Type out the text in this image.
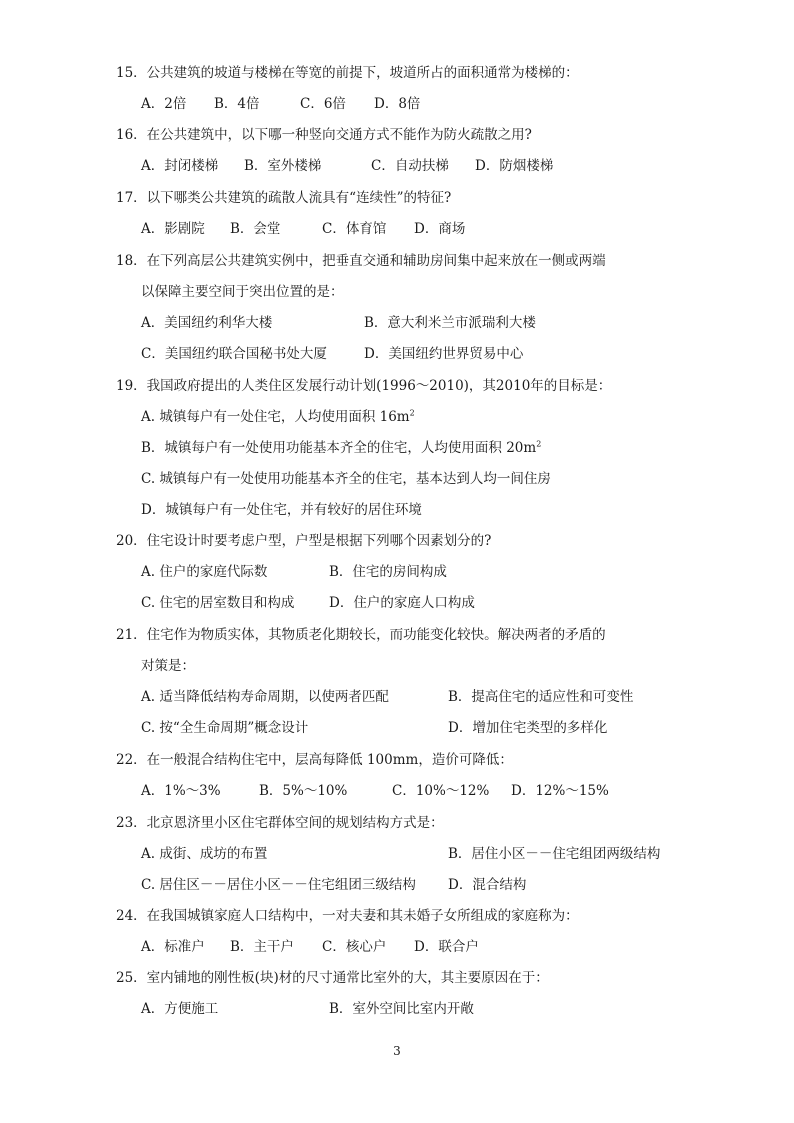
15．公共建筑的坡道与楼梯在等宽的前提下，坡道所占的面积通常为楼梯的：
A．2倍 B．4倍	C．6倍 D．8倍
16．在公共建筑中，以下哪一种竖向交通方式不能作为防火疏散之用?
A．封闭楼梯 B．室外楼梯	C．自动扶梯 D．防烟楼梯
17．以下哪类公共建筑的疏散人流具有“连续性”的特征?
A．影剧院 B．会堂	C．体育馆 D．商场
18．在下列高层公共建筑实例中，把垂直交通和辅助房间集中起来放在一侧或两端
以保障主要空间于突出位置的是：
A．美国纽约利华大楼	B．意大利米兰市派瑞利大楼
C．美国纽约联合国秘书处大厦	D．美国纽约世界贸易中心
19．我国政府提出的人类住区发展行动计划(1996～2010)，其2010年的目标是：
A. 城镇每户有一处住宅，人均使用面积 $16m^2$
B．城镇每户有一处使用功能基本齐全的住宅，人均使用面积 $20m^2$
C. 城镇每户有一处使用功能基本齐全的住宅，基本达到人均一间住房
D．城镇每户有一处住宅，并有较好的居住环境
20．住宅设计时要考虑户型，户型是根据下列哪个因素划分的?
A. 住户的家庭代际数	B．住宅的房间构成
C. 住宅的居室数目和构成	D．住户的家庭人口构成
21．住宅作为物质实体，其物质老化期较长，而功能变化较快。解决两者的矛盾的
对策是：
A. 适当降低结构寿命周期，以使两者匹配	B．提高住宅的适应性和可变性
C. 按“全生命周期”概念设计	D．增加住宅类型的多样化
22．在一般混合结构住宅中，层高每降低 100mm，造价可降低：
A．1%～3%	B．5%～10%	C．10%～12% D．12%～15%
23．北京恩济里小区住宅群体空间的规划结构方式是：
A. 成街、成坊的布置	B．居住小区－－住宅组团两级结构
C. 居住区－－居住小区－－住宅组团三级结构 D．混合结构
24．在我国城镇家庭人口结构中，一对夫妻和其未婚子女所组成的家庭称为：
A．标准户 B．主干户 C．核心户 D．联合户
25．室内铺地的刚性板(块)材的尺寸通常比室外的大，其主要原因在于：
A．方便施工	B．室外空间比室内开敞
3
